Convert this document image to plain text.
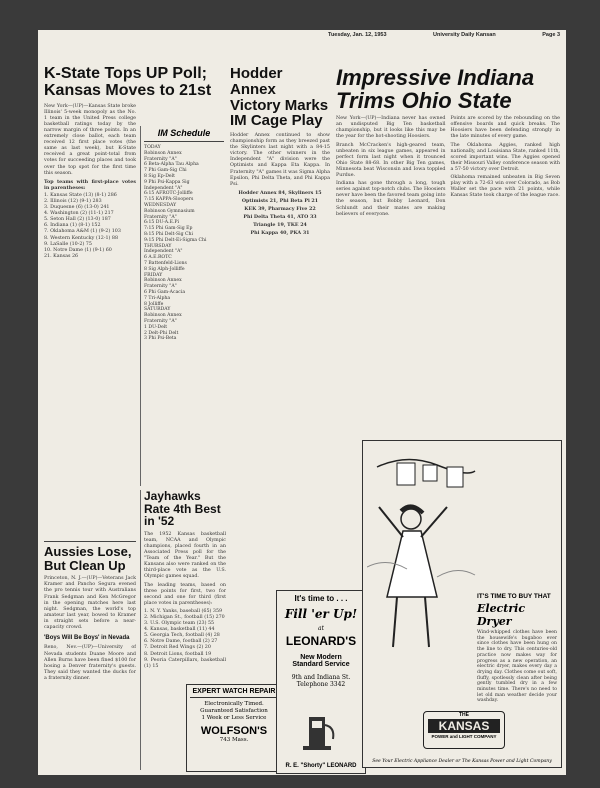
Tuesday, Jan. 12, 1953	University Daily Kansan	Page 3
K-State Tops UP Poll; Kansas Moves to 21st

New York—(UP)—Kansas State broke Illinois' 5-week monopoly as the No. 1 team in the United Press college basketball ratings today by the narrow margin of three points. In an extremely close ballot, each team received 12 first place votes (the same as last week), but K-State received a great point-total from votes for succeeding places and took over the top spot for the first time this season.

Top teams with first-place votes in parentheses:

1. Kansas State (13) (8-1) 286

2. Illinois (12) (9-1) 283

3. Duquesne (6) (13-0) 241

4. Washington (2) (11-1) 217

5. Seton Hall (2) (13-0) 187

6. Indiana (1) (8-1) 152

7. Oklahoma A&M (1) (9-2) 103

8. Western Kentucky (12-1) 88

9. LaSalle (10-2) 75

10. Notre Dame (1) (9-1) 60

21. Kansas 26

IM Schedule

TODAY
Robinson Annex
Fraternity "A"
6 Beta-Alpha Tau Alpha
7 Phi Gam-Sig Chi
8 Sig Ep-Delt
9 Phi Psi-Kappa Sig
Independent "A"
6:15 AFROTC-Jolliffe
7:15 KAPPA-Sloopers
WEDNESDAY
Robinson Gymnasium
Fraternity "A"
6:15 DU-A.E.Pi
7:15 Phi Gam-Sig Ep
8:15 Phi Delt-Sig Chi
9:15 Phi Delt-Ei-Sigma Chi
THURSDAY
Independent "A"
6 A.E.ROTC
7 Battenfeld-Lions
8 Sig Alph-Jolliffe
FRIDAY
Robinson Annex
Fraternity "A"
6 Phi Gam-Acacia
7 Tri-Alpha
8 Jolliffe
SATURDAY
Robinson Annex
Fraternity "A"
1 DU-Delt
2 Delt-Phi Delt
3 Phi Psi-Beta

Aussies Lose, But Clean Up

Princeton, N. J.—(UP)—Veterans Jack Kramer and Pancho Segura evened the pro tennis tour with Australians Frank Sedgman and Ken McGregor in the opening matches here last night. Sedgman, the world's top amateur last year, bowed to Kramer in straight sets before a near-capacity crowd.

'Boys Will Be Boys' in Nevada

Reno, Nev.—(UP)—University of Nevada students Duane Moore and Allen Burns have been fined $100 for hosing a Denver fraternity's guests. They said they wanted the ducks for a fraternity dinner.

Jayhawks Rate 4th Best in '52

The 1952 Kansas basketball team, NCAA and Olympic champions, placed fourth in an Associated Press poll for the "Team of the Year." But the Kansans also were ranked on the third-place vote as the U.S. Olympic games squad.

The leading teams, based on three points for first, two for second and one for third (first place votes in parentheses):

1. N. Y. Yanks, baseball (65) 359

2. Michigan St., football (15) 270

3. U.S. Olympic team (23) 55

4. Kansas, basketball (11) 44

5. Georgia Tech, football (4) 28

6. Notre Dame, football (2) 27

7. Detroit Red Wings (2) 20

8. Detroit Lions, football 19

9. Peoria Caterpillars, basketball (1) 15

EXPERT WATCH REPAIR
Electronically Timed.
Guaranteed Satisfaction
1 Week or Less Service
WOLFSON'S
743 Mass.
Hodder Annex Victory Marks IM Cage Play

Hodder Annex continued to show championship form as they breezed past the Skylinters last night with a 84-15 victory. The other winners in the Independent "A" division were the Optimists and Kappa Eta Kappa. In Fraternity "A" games it was Sigma Alpha Epsilon, Phi Delta Theta, and Phi Kappa Psi.

Hodder Annex 84, Skyliners 15

Optimists 21, Phi Beta Pi 21

KEK 39, Pharmacy Five 22

Phi Delta Theta 41, ATO 33

Triangle 19, TKE 24

Phi Kappa 40, PKA 31

It's time to . . .
Fill 'er Up!
at
LEONARD'S
New Modern
Standard Service
9th and Indiana St.
Telephone 3342
R. E. "Shorty" LEONARD
Impressive Indiana Trims Ohio State

New York—(UP)—Indiana never has owned an undisputed Big Ten basketball championship, but it looks like this may be the year for the hot-shooting Hoosiers.

Branch McCracken's high-geared team, unbeaten in six league games, appeared in perfect form last night when it trounced Ohio State 88-68. In other Big Ten games, Minnesota beat Wisconsin and Iowa toppled Purdue.

Indiana has gone through a long, tough series against top-notch clubs. The Hoosiers never have been the favored team going into the season, but Bobby Leonard, Don Schlundt and their mates are making believers of everyone.

Points are scored by the rebounding on the offensive boards and quick breaks. The Hoosiers have been defending strongly in the late minutes of every game.

The Oklahoma Aggies, ranked high nationally, and Louisiana State, ranked 11th, scored important wins. The Aggies opened their Missouri Valley conference season with a 57-50 victory over Detroit.

Oklahoma remained unbeaten in Big Seven play with a 72-63 win over Colorado, as Bob Waller set the pace with 21 points, while Kansas State took charge of the league race.

IT'S TIME TO BUY THAT
Electric Dryer

Wind-whipped clothes have been the housewife's bugaboo ever since clothes have been hung on the line to dry. This centuries-old practice now makes way for progress as a new operation, an electric dryer, makes every day a drying day. Clothes come out soft, fluffy, spotlessly clean after being gently tumbled dry in a few minutes time. There's no need to let old man weather decide your washday.

THE
KANSAS
POWER and LIGHT COMPANY
See Your Electric Appliance Dealer or The Kansas Power and Light Company
